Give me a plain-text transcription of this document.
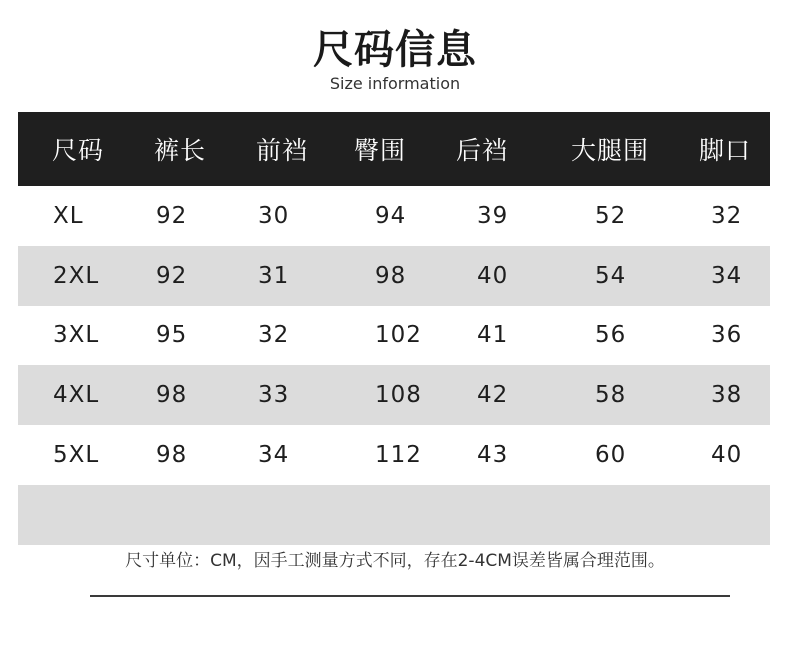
尺码信息
Size information
尺码 裤长 前裆 臀围 后裆	大腿围 脚口
XL	92	30	94	39	52	32
2XL 92	31	98	40	54	34
3XL 95	32	102 41	56	36
4XL 98	33	108 42	58	38
5XL 98	34	112 43	60	40
尺寸单位：CM，因手工测量方式不同，存在2-4CM误差皆属合理范围。
